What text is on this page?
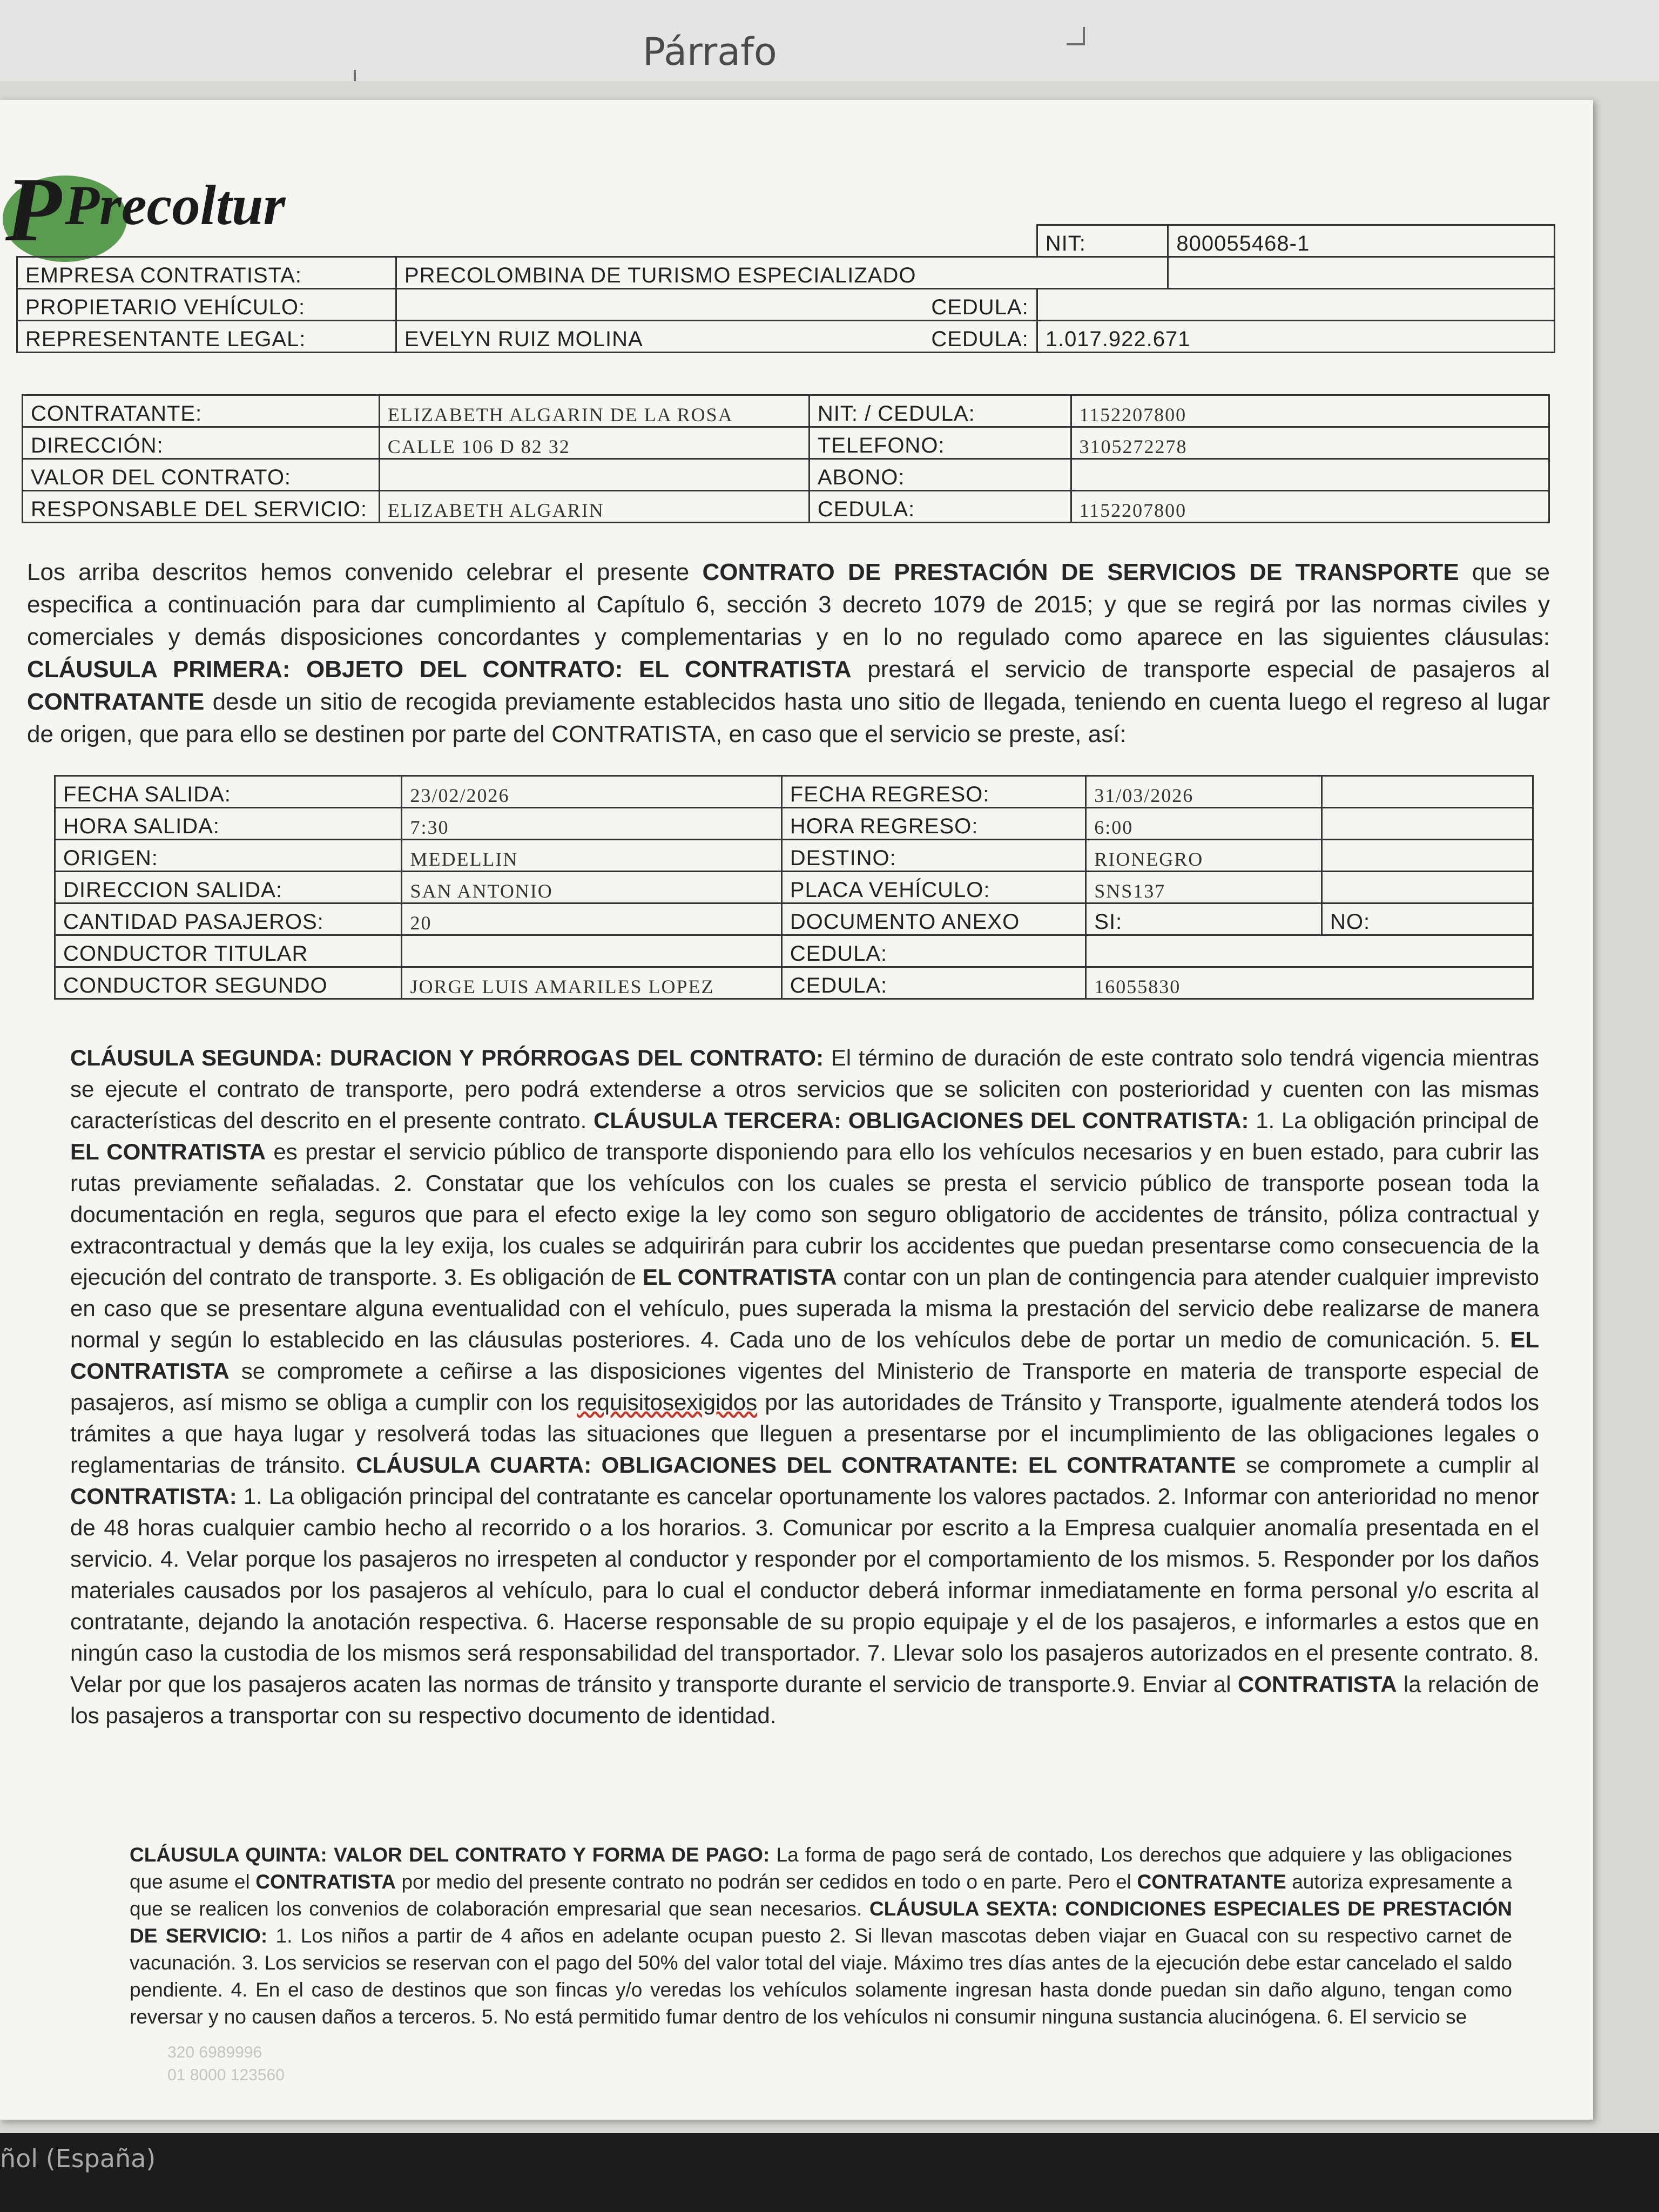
Párrafo
P Precoltur
		NIT:	800055468-1
EMPRESA CONTRATISTA:	PRECOLOMBINA DE TURISMO ESPECIALIZADO		
PROPIETARIO VEHÍCULO:	CEDULA:		
REPRESENTANTE LEGAL:	EVELYN RUIZ MOLINA CEDULA:	1.017.922.671	
CONTRATANTE:	ELIZABETH ALGARIN DE LA ROSA	NIT: / CEDULA:	1152207800
DIRECCIÓN:	CALLE 106 D 82 32	TELEFONO:	3105272278
VALOR DEL CONTRATO:		ABONO:	
RESPONSABLE DEL SERVICIO:	ELIZABETH ALGARIN	CEDULA:	1152207800
Los arriba descritos hemos convenido celebrar el presente CONTRATO DE PRESTACIÓN DE SERVICIOS DE TRANSPORTE que se especifica a continuación para dar cumplimiento al Capítulo 6, sección 3 decreto 1079 de 2015; y que se regirá por las normas civiles y comerciales y demás disposiciones concordantes y complementarias y en lo no regulado como aparece en las siguientes cláusulas: CLÁUSULA PRIMERA: OBJETO DEL CONTRATO: EL CONTRATISTA prestará el servicio de transporte especial de pasajeros al CONTRATANTE desde un sitio de recogida previamente establecidos hasta uno sitio de llegada, teniendo en cuenta luego el regreso al lugar de origen, que para ello se destinen por parte del CONTRATISTA, en caso que el servicio se preste, así:
FECHA SALIDA:	23/02/2026	FECHA REGRESO:	31/03/2026	
HORA SALIDA:	7:30	HORA REGRESO:	6:00	
ORIGEN:	MEDELLIN	DESTINO:	RIONEGRO	
DIRECCION SALIDA:	SAN ANTONIO	PLACA VEHÍCULO:	SNS137	
CANTIDAD PASAJEROS:	20	DOCUMENTO ANEXO	SI:	NO:
CONDUCTOR TITULAR		CEDULA:		
CONDUCTOR SEGUNDO	JORGE LUIS AMARILES LOPEZ	CEDULA:	16055830	
CLÁUSULA SEGUNDA: DURACION Y PRÓRROGAS DEL CONTRATO: El término de duración de este contrato solo tendrá vigencia mientras se ejecute el contrato de transporte, pero podrá extenderse a otros servicios que se soliciten con posterioridad y cuenten con las mismas características del descrito en el presente contrato. CLÁUSULA TERCERA: OBLIGACIONES DEL CONTRATISTA: 1. La obligación principal de EL CONTRATISTA es prestar el servicio público de transporte disponiendo para ello los vehículos necesarios y en buen estado, para cubrir las rutas previamente señaladas. 2. Constatar que los vehículos con los cuales se presta el servicio público de transporte posean toda la documentación en regla, seguros que para el efecto exige la ley como son seguro obligatorio de accidentes de tránsito, póliza contractual y extracontractual y demás que la ley exija, los cuales se adquirirán para cubrir los accidentes que puedan presentarse como consecuencia de la ejecución del contrato de transporte. 3. Es obligación de EL CONTRATISTA contar con un plan de contingencia para atender cualquier imprevisto en caso que se presentare alguna eventualidad con el vehículo, pues superada la misma la prestación del servicio debe realizarse de manera normal y según lo establecido en las cláusulas posteriores. 4. Cada uno de los vehículos debe de portar un medio de comunicación. 5. EL CONTRATISTA se compromete a ceñirse a las disposiciones vigentes del Ministerio de Transporte en materia de transporte especial de pasajeros, así mismo se obliga a cumplir con los requisitosexigidos por las autoridades de Tránsito y Transporte, igualmente atenderá todos los trámites a que haya lugar y resolverá todas las situaciones que lleguen a presentarse por el incumplimiento de las obligaciones legales o reglamentarias de tránsito. CLÁUSULA CUARTA: OBLIGACIONES DEL CONTRATANTE: EL CONTRATANTE se compromete a cumplir al CONTRATISTA: 1. La obligación principal del contratante es cancelar oportunamente los valores pactados. 2. Informar con anterioridad no menor de 48 horas cualquier cambio hecho al recorrido o a los horarios. 3. Comunicar por escrito a la Empresa cualquier anomalía presentada en el servicio. 4. Velar porque los pasajeros no irrespeten al conductor y responder por el comportamiento de los mismos. 5. Responder por los daños materiales causados por los pasajeros al vehículo, para lo cual el conductor deberá informar inmediatamente en forma personal y/o escrita al contratante, dejando la anotación respectiva. 6. Hacerse responsable de su propio equipaje y el de los pasajeros, e informarles a estos que en ningún caso la custodia de los mismos será responsabilidad del transportador. 7. Llevar solo los pasajeros autorizados en el presente contrato. 8. Velar por que los pasajeros acaten las normas de tránsito y transporte durante el servicio de transporte.9. Enviar al CONTRATISTA la relación de los pasajeros a transportar con su respectivo documento de identidad.
CLÁUSULA QUINTA: VALOR DEL CONTRATO Y FORMA DE PAGO: La forma de pago será de contado, Los derechos que adquiere y las obligaciones que asume el CONTRATISTA por medio del presente contrato no podrán ser cedidos en todo o en parte. Pero el CONTRATANTE autoriza expresamente a que se realicen los convenios de colaboración empresarial que sean necesarios. CLÁUSULA SEXTA: CONDICIONES ESPECIALES DE PRESTACIÓN DE SERVICIO: 1. Los niños a partir de 4 años en adelante ocupan puesto 2. Si llevan mascotas deben viajar en Guacal con su respectivo carnet de vacunación. 3. Los servicios se reservan con el pago del 50% del valor total del viaje. Máximo tres días antes de la ejecución debe estar cancelado el saldo pendiente. 4. En el caso de destinos que son fincas y/o veredas los vehículos solamente ingresan hasta donde puedan sin daño alguno, tengan como reversar y no causen daños a terceros. 5. No está permitido fumar dentro de los vehículos ni consumir ninguna sustancia alucinógena. 6. El servicio se
320 6989996
01 8000 123560
ñol (España)
